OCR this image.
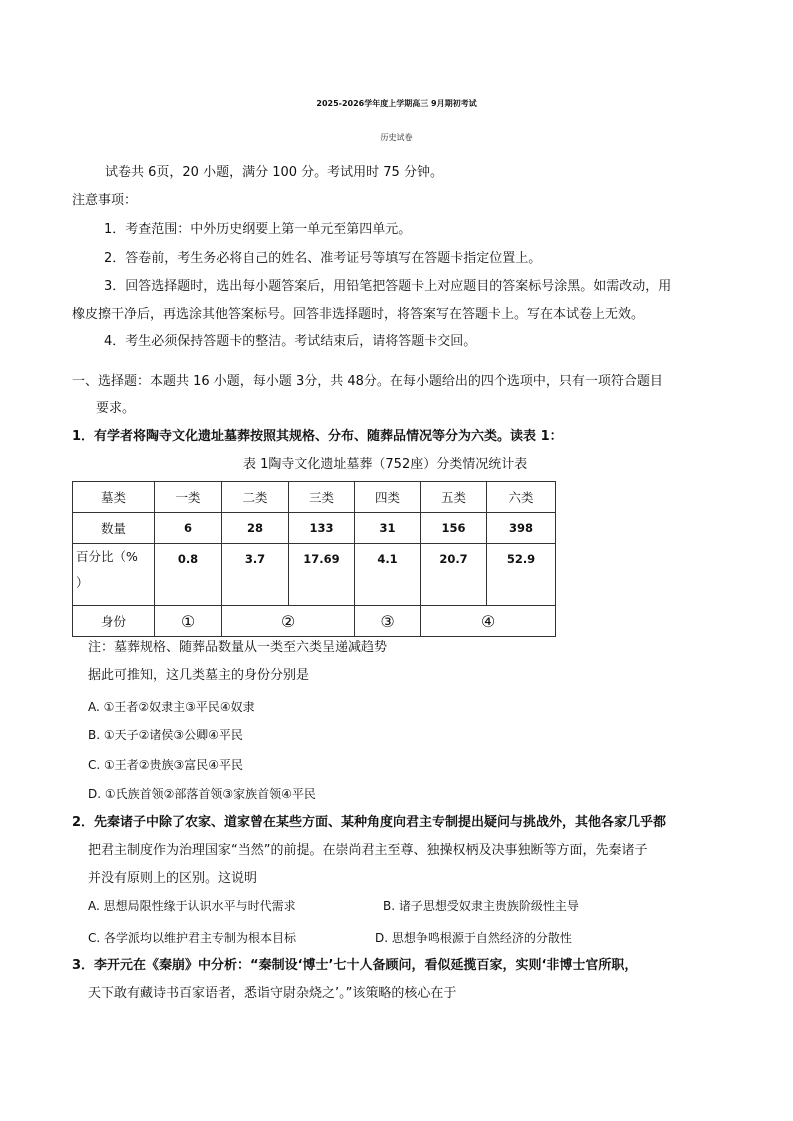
2025-2026学年度上学期高三 9月期初考试
历史试卷
试卷共 6页，20 小题，满分 100 分。考试用时 75 分钟。
注意事项：
1．考查范围：中外历史纲要上第一单元至第四单元。
2．答卷前，考生务必将自己的姓名、准考证号等填写在答题卡指定位置上。
3．回答选择题时，选出每小题答案后，用铅笔把答题卡上对应题目的答案标号涂黑。如需改动，用
橡皮擦干净后，再选涂其他答案标号。回答非选择题时，将答案写在答题卡上。写在本试卷上无效。
4．考生必须保持答题卡的整洁。考试结束后，请将答题卡交回。
一、选择题：本题共 16 小题，每小题 3分，共 48分。在每小题给出的四个选项中，只有一项符合题目
要求。
1．有学者将陶寺文化遗址墓葬按照其规格、分布、随葬品情况等分为六类。读表 1：
表 1陶寺文化遗址墓葬（752座）分类情况统计表
墓类	一类	二类	三类	四类	五类	六类
数量	6	28	133	31	156	398

百分比（%
）	0.8	3.7	17.69	4.1	20.7	52.9
身份	①	②		③	④	
注：墓葬规格、随葬品数量从一类至六类呈递减趋势
据此可推知，这几类墓主的身份分别是
A. ①王者②奴隶主③平民④奴隶
B. ①天子②诸侯③公卿④平民
C. ①王者②贵族③富民④平民
D. ①氏族首领②部落首领③家族首领④平民
2．先秦诸子中除了农家、道家曾在某些方面、某种角度向君主专制提出疑问与挑战外，其他各家几乎都
把君主制度作为治理国家“当然”的前提。在崇尚君主至尊、独操权柄及决事独断等方面，先秦诸子
并没有原则上的区别。这说明
A. 思想局限性缘于认识水平与时代需求	B. 诸子思想受奴隶主贵族阶级性主导
C. 各学派均以维护君主专制为根本目标	D. 思想争鸣根源于自然经济的分散性
3．李开元在《秦崩》中分析：“秦制设‘博士’七十人备顾问，看似延揽百家，实则‘非博士官所职，
天下敢有藏诗书百家语者，悉诣守尉杂烧之’。”该策略的核心在于
